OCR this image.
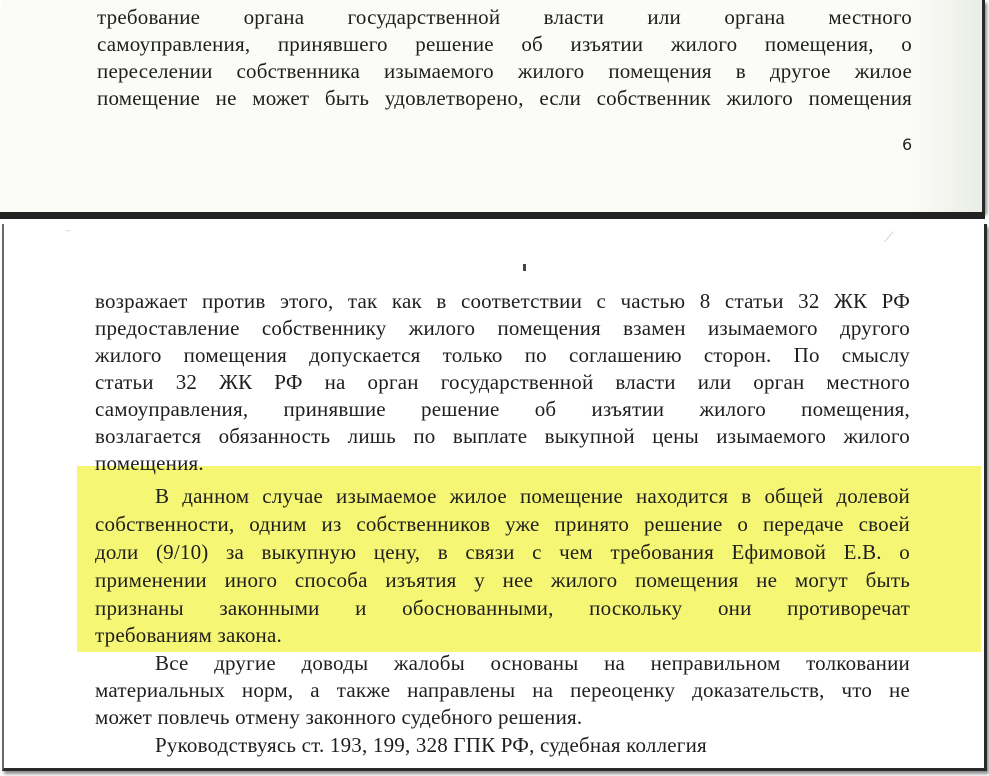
требование органа государственной власти или органа местного
самоуправления, принявшего решение об изъятии жилого помещения, о
переселении собственника изымаемого жилого помещения в другое жилое
помещение не может быть удовлетворено, если собственник жилого помещения
6
⟋
⁻
возражает против этого, так как в соответствии с частью 8 статьи 32 ЖК РФ
предоставление собственнику жилого помещения взамен изымаемого другого
жилого помещения допускается только по соглашению сторон. По смыслу
статьи 32 ЖК РФ на орган государственной власти или орган местного
самоуправления, принявшие решение об изъятии жилого помещения,
возлагается обязанность лишь по выплате выкупной цены изымаемого жилого
помещения.
В данном случае изымаемое жилое помещение находится в общей долевой
собственности, одним из собственников уже принято решение о передаче своей
доли (9/10) за выкупную цену, в связи с чем требования Ефимовой Е.В. о
применении иного способа изъятия у нее жилого помещения не могут быть
признаны законными и обоснованными, поскольку они противоречат
требованиям закона.
Все другие доводы жалобы основаны на неправильном толковании
материальных норм, а также направлены на переоценку доказательств, что не
может повлечь отмену законного судебного решения.
Руководствуясь ст. 193, 199, 328 ГПК РФ, судебная коллегия
